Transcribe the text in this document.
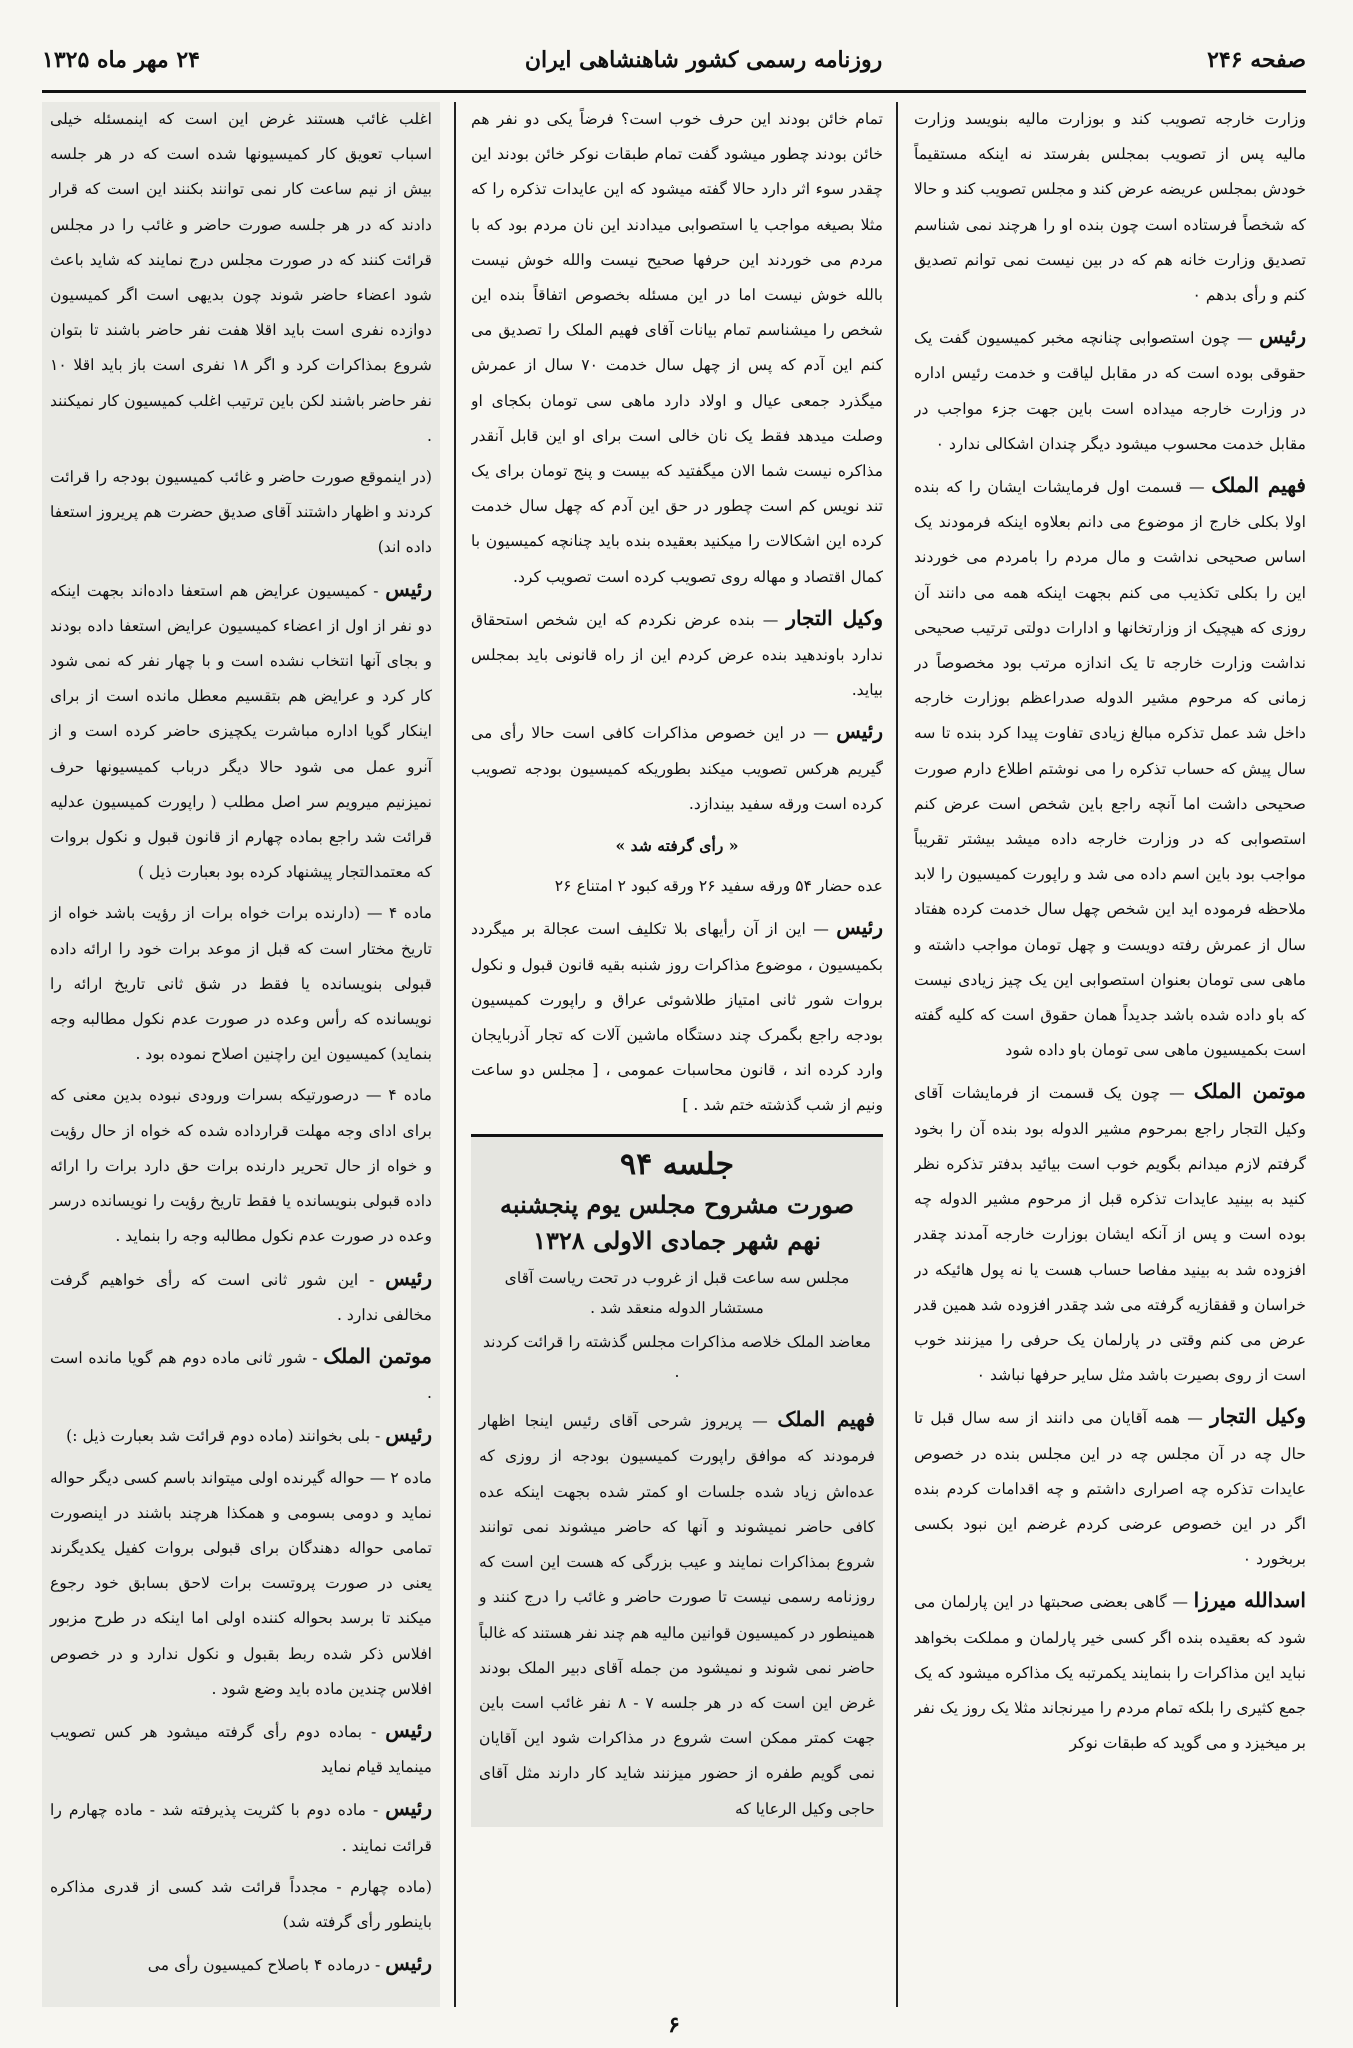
صفحه ۲۴۶
روزنامه رسمی کشور شاهنشاهی ایران
۲۴ مهر ماه ۱۳۲۵

وزارت خارجه تصویب کند و بوزارت مالیه بنویسد وزارت مالیه پس از تصویب بمجلس بفرستد نه اینکه مستقیماً خودش بمجلس عریضه عرض کند و مجلس تصویب کند و حالا که شخصاً فرستاده است چون بنده او را هرچند نمی شناسم تصدیق وزارت خانه هم که در بین نیست نمی توانم تصدیق کنم و رأی بدهم ۰

رئیس — چون استصوابی چنانچه مخبر کمیسیون گفت یک حقوقی بوده است که در مقابل لیاقت و خدمت رئیس اداره در وزارت خارجه میداده است باین جهت جزء مواجب در مقابل خدمت محسوب میشود دیگر چندان اشکالی ندارد ۰

فهیم الملک — قسمت اول فرمایشات ایشان را که بنده اولا بکلی خارج از موضوع می دانم بعلاوه اینکه فرمودند یک اساس صحیحی نداشت و مال مردم را بامردم می خوردند این را بکلی تکذیب می کنم بجهت اینکه همه می دانند آن روزی که هیچیک از وزارتخانها و ادارات دولتی ترتیب صحیحی نداشت وزارت خارجه تا یک اندازه مرتب بود مخصوصاً در زمانی که مرحوم مشیر الدوله صدراعظم بوزارت خارجه داخل شد عمل تذکره مبالغ زیادی تفاوت پیدا کرد بنده تا سه سال پیش که حساب تذکره را می نوشتم اطلاع دارم صورت صحیحی داشت اما آنچه راجع باین شخص است عرض کنم استصوابی که در وزارت خارجه داده میشد بیشتر تقریباً مواجب بود باین اسم داده می شد و راپورت کمیسیون را لابد ملاحظه فرموده اید این شخص چهل سال خدمت کرده هفتاد سال از عمرش رفته دویست و چهل تومان مواجب داشته و ماهی سی تومان بعنوان استصوابی این یک چیز زیادی نیست که باو داده شده باشد جدیداً همان حقوق است که کلیه گفته است بکمیسیون ماهی سی تومان باو داده شود

موتمن الملک — چون یک قسمت از فرمایشات آقای وکیل التجار راجع بمرحوم مشیر الدوله بود بنده آن را بخود گرفتم لازم میدانم بگویم خوب است بیائید بدفتر تذکره نظر کنید به بینید عایدات تذکره قبل از مرحوم مشیر الدوله چه بوده است و پس از آنکه ایشان بوزارت خارجه آمدند چقدر افزوده شد به بینید مفاصا حساب هست یا نه پول هائیکه در خراسان و قفقازیه گرفته می شد چقدر افزوده شد همین قدر عرض می کنم وقتی در پارلمان یک حرفی را میزنند خوب است از روی بصیرت باشد مثل سایر حرفها نباشد ۰

وکیل التجار — همه آقایان می دانند از سه سال قبل تا حال چه در آن مجلس چه در این مجلس بنده در خصوص عایدات تذکره چه اصراری داشتم و چه اقدامات کردم بنده اگر در این خصوص عرضی کردم غرضم این نبود بکسی بربخورد ۰

اسدالله میرزا — گاهی بعضی صحبتها در این پارلمان می شود که بعقیده بنده اگر کسی خیر پارلمان و مملکت بخواهد نباید این مذاکرات را بنمایند یکمرتبه یک مذاکره میشود که یک جمع کثیری را بلکه تمام مردم را میرنجاند مثلا یک روز یک نفر بر میخیزد و می گوید که طبقات نوکر

تمام خائن بودند این حرف خوب است؟ فرضاً یکی دو نفر هم خائن بودند چطور میشود گفت تمام طبقات نوکر خائن بودند این چقدر سوء اثر دارد حالا گفته میشود که این عایدات تذکره را که مثلا بصیغه مواجب یا استصوابی میدادند این نان مردم بود که با مردم می خوردند این حرفها صحیح نیست والله خوش نیست بالله خوش نیست اما در این مسئله بخصوص اتفاقاً بنده این شخص را میشناسم تمام بیانات آقای فهیم الملک را تصدیق می کنم این آدم که پس از چهل سال خدمت ۷۰ سال از عمرش میگذرد جمعی عیال و اولاد دارد ماهی سی تومان بکجای او وصلت میدهد فقط یک نان خالی است برای او این قابل آنقدر مذاکره نیست شما الان میگفتید که بیست و پنج تومان برای یک تند نویس کم است چطور در حق این آدم که چهل سال خدمت کرده این اشکالات را میکنید بعقیده بنده باید چنانچه کمیسیون با کمال اقتصاد و مهاله روی تصویب کرده است تصویب کرد.

وکیل التجار — بنده عرض نکردم که این شخص استحقاق ندارد باوندهید بنده عرض کردم این از راه قانونی باید بمجلس بیاید.

رئیس — در این خصوص مذاکرات کافی است حالا رأی می گیریم هرکس تصویب میکند بطوریکه کمیسیون بودجه تصویب کرده است ورقه سفید بیندازد.

« رأی گرفته شد »

عده حضار ۵۴ ورقه سفید ۲۶ ورقه کبود ۲ امتناع ۲۶

رئیس — این از آن رأیهای بلا تکلیف است عجالة بر میگردد بکمیسیون ، موضوع مذاکرات روز شنبه بقیه قانون قبول و نکول بروات شور ثانی امتیاز طلاشوئی عراق و راپورت کمیسیون بودجه راجع بگمرک چند دستگاه ماشین آلات که تجار آذربایجان وارد کرده اند ، قانون محاسبات عمومی ، [ مجلس دو ساعت ونیم از شب گذشته ختم شد . ]

جلسه ۹۴

صورت مشروح مجلس یوم پنجشنبه

نهم شهر جمادی الاولی ۱۳۲۸

مجلس سه ساعت قبل از غروب در تحت ریاست آقای مستشار الدوله منعقد شد .

معاضد الملک خلاصه مذاکرات مجلس گذشته را قرائت کردند .

فهیم الملک — پریروز شرحی آقای رئیس اینجا اظهار فرمودند که موافق راپورت کمیسیون بودجه از روزی که عده‌اش زیاد شده جلسات او کمتر شده بجهت اینکه عده کافی حاضر نمیشوند و آنها که حاضر میشوند نمی توانند شروع بمذاکرات نمایند و عیب بزرگی که هست این است که روزنامه رسمی نیست تا صورت حاضر و غائب را درج کنند و همینطور در کمیسیون قوانین مالیه هم چند نفر هستند که غالباً حاضر نمی شوند و نمیشود من جمله آقای دبیر الملک بودند غرض این است که در هر جلسه ۷ - ۸ نفر غائب است باین جهت کمتر ممکن است شروع در مذاکرات شود این آقایان نمی گویم طفره از حضور میزنند شاید کار دارند مثل آقای حاجی وکیل الرعایا که

اغلب غائب هستند غرض این است که اینمسئله خیلی اسباب تعویق کار کمیسیونها شده است که در هر جلسه بیش از نیم ساعت کار نمی توانند بکنند این است که قرار دادند که در هر جلسه صورت حاضر و غائب را در مجلس قرائت کنند که در صورت مجلس درج نمایند که شاید باعث شود اعضاء حاضر شوند چون بدیهی است اگر کمیسیون دوازده نفری است باید اقلا هفت نفر حاضر باشند تا بتوان شروع بمذاکرات کرد و اگر ۱۸ نفری است باز باید اقلا ۱۰ نفر حاضر باشند لکن باین ترتیب اغلب کمیسیون کار نمیکنند .

(در اینموقع صورت حاضر و غائب کمیسیون بودجه را قرائت کردند و اظهار داشتند آقای صدیق حضرت هم پریروز استعفا داده اند)

رئیس - کمیسیون عرایض هم استعفا داده‌اند بجهت اینکه دو نفر از اول از اعضاء کمیسیون عرایض استعفا داده بودند و بجای آنها انتخاب نشده است و با چهار نفر که نمی شود کار کرد و عرایض هم بتقسیم معطل مانده است از برای اینکار گویا اداره مباشرت یکچیزی حاضر کرده است و از آنرو عمل می شود حالا دیگر درباب کمیسیونها حرف نمیزنیم میرویم سر اصل مطلب ( راپورت کمیسیون عدلیه قرائت شد راجع بماده چهارم از قانون قبول و نکول بروات که معتمدالتجار پیشنهاد کرده بود بعبارت ذیل )

ماده ۴ — (دارنده برات خواه برات از رؤیت باشد خواه از تاریخ مختار است که قبل از موعد برات خود را ارائه داده قبولی بنویسانده یا فقط در شق ثانی تاریخ ارائه را نویسانده که رأس وعده در صورت عدم نکول مطالبه وجه بنماید) کمیسیون این راچنین اصلاح نموده بود .

ماده ۴ — درصورتیکه بسرات ورودی نبوده بدین معنی که برای ادای وجه مهلت قرارداده شده که خواه از حال رؤیت و خواه از حال تحریر دارنده برات حق دارد برات را ارائه داده قبولی بنویسانده یا فقط تاریخ رؤیت را نویسانده درسر وعده در صورت عدم نکول مطالبه وجه را بنماید .

رئیس - این شور ثانی است که رأی خواهیم گرفت مخالفی ندارد .

موتمن الملک - شور ثانی ماده دوم هم گویا مانده است .

رئیس - بلی بخوانند (ماده دوم قرائت شد بعبارت ذیل :)

ماده ۲ — حواله گیرنده اولی میتواند باسم کسی دیگر حواله نماید و دومی بسومی و همکذا هرچند باشند در اینصورت تمامی حواله دهندگان برای قبولی بروات کفیل یکدیگرند یعنی در صورت پروتست برات لاحق بسابق خود رجوع میکند تا برسد بحواله کننده اولی اما اینکه در طرح مزبور افلاس ذکر شده ربط بقبول و نکول ندارد و در خصوص افلاس چندین ماده باید وضع شود .

رئیس - بماده دوم رأی گرفته میشود هر کس تصویب مینماید قیام نماید

رئیس - ماده دوم با کثریت پذیرفته شد - ماده چهارم را قرائت نمایند .

(ماده چهارم - مجدداً قرائت شد کسی از قدری مذاکره باینطور رأی گرفته شد)

رئیس - درماده ۴ باصلاح کمیسیون رأی می

۶
